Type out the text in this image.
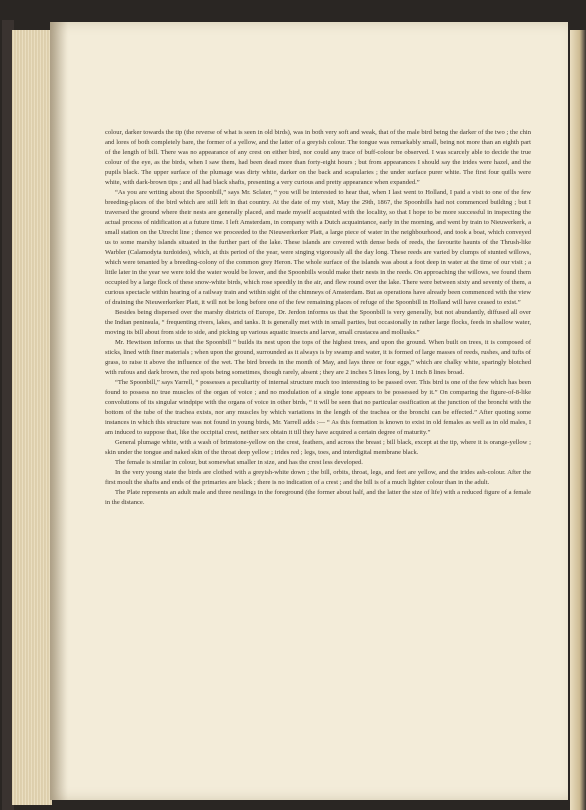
colour, darker towards the tip (the reverse of what is seen in old birds), was in both very soft and weak, that of the male bird being the darker of the two ; the chin and lores of both completely bare, the former of a yellow, and the latter of a greyish colour. The tongue was remarkably small, being not more than an eighth part of the length of bill. There was no appearance of any crest on either bird, nor could any trace of buff-colour be observed. I was scarcely able to decide the true colour of the eye, as the birds, when I saw them, had been dead more than forty-eight hours ; but from appearances I should say the irides were hazel, and the pupils black. The upper surface of the plumage was dirty white, darker on the back and scapularies ; the under surface purer white. The first four quills were white, with dark-brown tips ; and all had black shafts, presenting a very curious and pretty appearance when expanded.”

“As you are writing about the Spoonbill,” says Mr. Sclater, “ you will be interested to hear that, when I last went to Holland, I paid a visit to one of the few breeding-places of the bird which are still left in that country. At the date of my visit, May the 29th, 1867, the Spoonbills had not commenced building ; but I traversed the ground where their nests are generally placed, and made myself acquainted with the locality, so that I hope to be more successful in inspecting the actual process of nidification at a future time. I left Amsterdam, in company with a Dutch acquaintance, early in the morning, and went by train to Nieuwerkerk, a small station on the Utrecht line ; thence we proceeded to the Nieuwerkerker Platt, a large piece of water in the neighbourhood, and took a boat, which conveyed us to some marshy islands situated in the further part of the lake. These islands are covered with dense beds of reeds, the favourite haunts of the Thrush-like Warbler (Calamodyta turdoides), which, at this period of the year, were singing vigorously all the day long. These reeds are varied by clumps of stunted willows, which were tenanted by a breeding-colony of the common grey Heron. The whole surface of the islands was about a foot deep in water at the time of our visit ; a little later in the year we were told the water would be lower, and the Spoonbills would make their nests in the reeds. On approaching the willows, we found them occupied by a large flock of these snow-white birds, which rose speedily in the air, and flew round over the lake. There were between sixty and seventy of them, a curious spectacle within hearing of a railway train and within sight of the chimneys of Amsterdam. But as operations have already been commenced with the view of draining the Nieuwerkerker Platt, it will not be long before one of the few remaining places of refuge of the Spoonbill in Holland will have ceased to exist.”

Besides being dispersed over the marshy districts of Europe, Dr. Jerdon informs us that the Spoonbill is very generally, but not abundantly, diffused all over the Indian peninsula, “ frequenting rivers, lakes, and tanks. It is generally met with in small parties, but occasionally in rather large flocks, feeds in shallow water, moving its bill about from side to side, and picking up various aquatic insects and larvæ, small crustacea and mollusks.”

Mr. Hewitson informs us that the Spoonbill “ builds its nest upon the tops of the highest trees, and upon the ground. When built on trees, it is composed of sticks, lined with finer materials ; when upon the ground, surrounded as it always is by swamp and water, it is formed of large masses of reeds, rushes, and tufts of grass, to raise it above the influence of the wet. The bird breeds in the month of May, and lays three or four eggs,” which are chalky white, sparingly blotched with rufous and dark brown, the red spots being sometimes, though rarely, absent ; they are 2 inches 5 lines long, by 1 inch 8 lines broad.

“The Spoonbill,” says Yarrell, “ possesses a peculiarity of internal structure much too interesting to be passed over. This bird is one of the few which has been found to possess no true muscles of the organ of voice ; and no modulation of a single tone appears to be possessed by it.” On comparing the figure-of-8-like convolutions of its singular windpipe with the organs of voice in other birds, “ it will be seen that no particular ossification at the junction of the bronchi with the bottom of the tube of the trachea exists, nor any muscles by which variations in the length of the trachea or the bronchi can be effected.” After quoting some instances in which this structure was not found in young birds, Mr. Yarrell adds :— “ As this formation is known to exist in old females as well as in old males, I am induced to suppose that, like the occipital crest, neither sex obtain it till they have acquired a certain degree of maturity.”

General plumage white, with a wash of brimstone-yellow on the crest, feathers, and across the breast ; bill black, except at the tip, where it is orange-yellow ; skin under the tongue and naked skin of the throat deep yellow ; irides red ; legs, toes, and interdigital membrane black.

The female is similar in colour, but somewhat smaller in size, and has the crest less developed.

In the very young state the birds are clothed with a greyish-white down ; the bill, orbits, throat, legs, and feet are yellow, and the irides ash-colour. After the first moult the shafts and ends of the primaries are black ; there is no indication of a crest ; and the bill is of a much lighter colour than in the adult.

The Plate represents an adult male and three nestlings in the foreground (the former about half, and the latter the size of life) with a reduced figure of a female in the distance.
